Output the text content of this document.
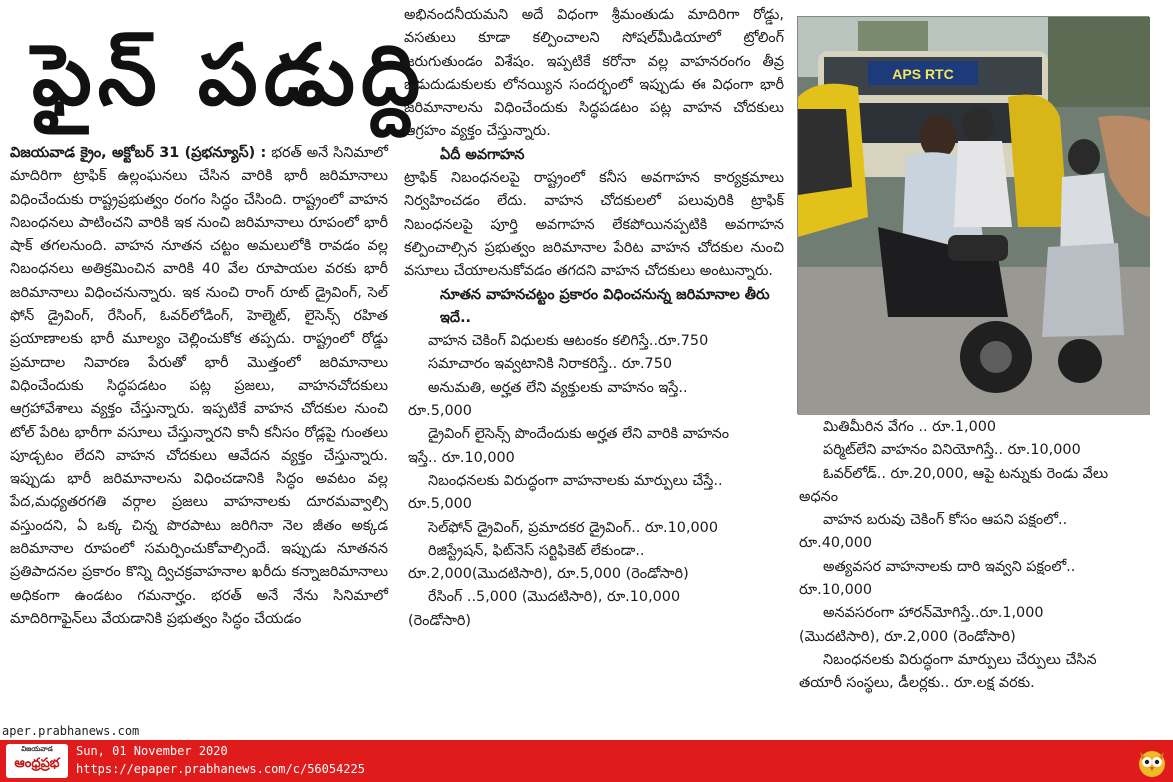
ఫైన్ పడుద్ది

విజయవాడ క్రైం, అక్టోబర్ 31 (ప్రభన్యూస్) : భరత్ అనే సినిమాలో మాదిరిగా ట్రాఫిక్ ఉల్లంఘనలు చేసిన వారికి భారీ జరిమానాలు విధించేందుకు రాష్ట్రప్రభుత్వం రంగం సిద్ధం చేసింది. రాష్ట్రంలో వాహన నిబంధనలు పాటించని వారికి ఇక నుంచి జరిమానాలు రూపంలో భారీ షాక్ తగలనుంది. వాహన నూతన చట్టం అమలులోకి రావడం వల్ల నిబంధనలు అతిక్రమించిన వారికి 40 వేల రూపాయల వరకు భారీ జరిమానాలు విధించనున్నారు. ఇక నుంచి రాంగ్ రూట్ డ్రైవింగ్, సెల్ ఫోన్ డ్రైవింగ్, రేసింగ్, ఓవర్‌లోడింగ్, హెల్మెట్, లైసెన్స్ రహిత ప్రయాణాలకు భారీ మూల్యం చెల్లించుకోక తప్పదు. రాష్ట్రంలో రోడ్డు ప్రమాదాల నివారణ పేరుతో భారీ మొత్తంలో జరిమానాలు విధించేందుకు సిద్ధపడటం పట్ల ప్రజలు, వాహనచోదకులు ఆగ్రహావేశాలు వ్యక్తం చేస్తున్నారు. ఇప్పటికే వాహన చోదకుల నుంచి టోల్ పేరిట భారీగా వసూలు చేస్తున్నారని కానీ కనీసం రోడ్లపై గుంతలు పూడ్చటం లేదని వాహన చోదకులు ఆవేదన వ్యక్తం చేస్తున్నారు. ఇప్పుడు భారీ జరిమానాలను విధించడానికి సిద్ధం అవటం వల్ల పేద,మధ్యతరగతి వర్గాల ప్రజలు వాహనాలకు దూరమవ్వాల్సి వస్తుందని, ఏ ఒక్క చిన్న పొరపాటు జరిగినా నెల జీతం అక్కడ జరిమానాల రూపంలో సమర్పించుకోవాల్సిందే. ఇప్పుడు నూతనన ప్రతిపాదనల ప్రకారం కొన్ని ద్విచక్రవాహనాల ఖరీదు కన్నాజరిమానాలు అధికంగా ఉండటం గమనార్హం. భరత్ అనే నేను సినిమాలో మాదిరిగాఫైన్‌లు వేయడానికి ప్రభుత్వం సిద్ధం చేయడం

అభినందనీయమని అదే విధంగా శ్రీమంతుడు మాదిరిగా రోడ్డు, వసతులు కూడా కల్పించాలని సోషల్‌మీడియాలో ట్రోలింగ్ జరుగుతుండం విశేషం. ఇప్పటికే కరోనా వల్ల వాహనరంగం తీవ్ర ఒడుదుడుకులకు లోనయ్యిన సందర్భంలో ఇప్పుడు ఈ విధంగా భారీ జరిమానాలను విధించేందుకు సిద్ధపడటం పట్ల వాహన చోదకులు ఆగ్రహం వ్యక్తం చేస్తున్నారు.

ఏదీ అవగాహన

ట్రాఫిక్ నిబంధనలపై రాష్ట్రంలో కనీస అవగాహన కార్యక్రమాలు నిర్వహించడం లేదు. వాహన చోదకులలో పలువురికి ట్రాఫిక్ నిబంధనలపై పూర్తి అవగాహన లేకపోయినప్పటికి అవగాహన కల్పించాల్సిన ప్రభుత్వం జరిమానాల పేరిట వాహన చోదకుల నుంచి వసూలు చేయాలనుకోవడం తగదని వాహన చోదకులు అంటున్నారు.

నూతన వాహనచట్టం ప్రకారం విధించనున్న జరిమానాల తీరు ఇదే..

వాహన చెకింగ్ విధులకు ఆటంకం కలిగిస్తే..రూ.750

సమాచారం ఇవ్వటానికి నిరాకరిస్తే.. రూ.750

అనుమతి, అర్హత లేని వ్యక్తులకు వాహనం ఇస్తే..

రూ.5,000

డ్రైవింగ్ లైసెన్స్ పొందేందుకు అర్హత లేని వారికి వాహనం

ఇస్తే.. రూ.10,000

నిబంధనలకు విరుద్ధంగా వాహనాలకు మార్పులు చేస్తే..

రూ.5,000

సెల్‌ఫోన్ డ్రైవింగ్, ప్రమాదకర డ్రైవింగ్.. రూ.10,000

రిజిస్ట్రేషన్, ఫిట్‌నెస్ సర్టిఫికెట్ లేకుండా..

రూ.2,000(మొదటిసారి), రూ.5,000 (రెండోసారి)

రేసింగ్ ..5,000 (మొదటిసారి), రూ.10,000

(రెండోసారి)

APS RTC

మితిమీరిన వేగం .. రూ.1,000

పర్మిట్‌లేని వాహనం వినియోగిస్తే.. రూ.10,000

ఓవర్‌లోడ్.. రూ.20,000, ఆపై టన్నుకు రెండు వేలు

అధనం

వాహన బరువు చెకింగ్ కోసం ఆపని పక్షంలో..

రూ.40,000

అత్యవసర వాహనాలకు దారి ఇవ్వని పక్షంలో..

రూ.10,000

అనవసరంగా హారన్‌మోగిస్తే..రూ.1,000

(మొదటిసారి), రూ.2,000 (రెండోసారి)

నిబంధనలకు విరుద్ధంగా మార్పులు చేర్పులు చేసిన

తయారీ సంస్థలు, డీలర్లకు.. రూ.లక్ష వరకు.

aper.prabhanews.com
విజయవాడ
ఆంధ్రప్రభ
Sun, 01 November 2020
https://epaper.prabhanews.com/c/56054225
